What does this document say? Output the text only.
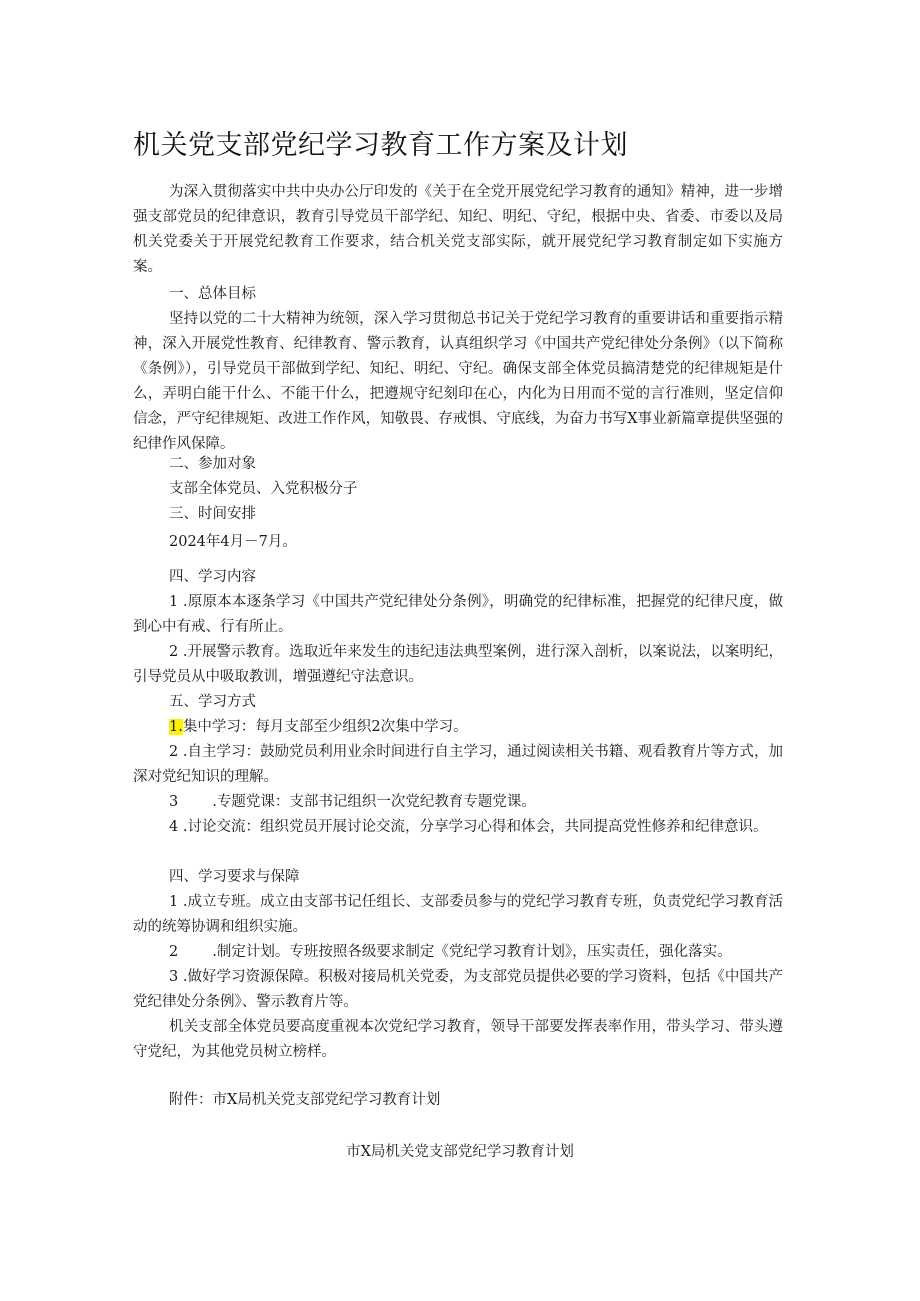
机关党支部党纪学习教育工作方案及计划
为深入贯彻落实中共中央办公厅印发的《关于在全党开展党纪学习教育的通知》精神，进一步增强支部党员的纪律意识，教育引导党员干部学纪、知纪、明纪、守纪，根据中央、省委、市委以及局机关党委关于开展党纪教育工作要求，结合机关党支部实际，就开展党纪学习教育制定如下实施方案。
一、总体目标
坚持以党的二十大精神为统领，深入学习贯彻总书记关于党纪学习教育的重要讲话和重要指示精神，深入开展党性教育、纪律教育、警示教育，认真组织学习《中国共产党纪律处分条例》（以下简称《条例》），引导党员干部做到学纪、知纪、明纪、守纪。确保支部全体党员搞清楚党的纪律规矩是什么，弄明白能干什么、不能干什么，把遵规守纪刻印在心，内化为日用而不觉的言行准则，坚定信仰信念，严守纪律规矩、改进工作作风，知敬畏、存戒惧、守底线，为奋力书写X事业新篇章提供坚强的纪律作风保障。
二、参加对象
支部全体党员、入党积极分子
三、时间安排
2024年4月－7月。
四、学习内容
1 .原原本本逐条学习《中国共产党纪律处分条例》，明确党的纪律标准，把握党的纪律尺度，做到心中有戒、行有所止。
2 .开展警示教育。选取近年来发生的违纪违法典型案例，进行深入剖析，以案说法，以案明纪，引导党员从中吸取教训，增强遵纪守法意识。
五、学习方式
1.集中学习：每月支部至少组织2次集中学习。
2 .自主学习：鼓励党员利用业余时间进行自主学习，通过阅读相关书籍、观看教育片等方式，加深对党纪知识的理解。
3 .专题党课：支部书记组织一次党纪教育专题党课。
4 .讨论交流：组织党员开展讨论交流，分享学习心得和体会，共同提高党性修养和纪律意识。
四、学习要求与保障
1 .成立专班。成立由支部书记任组长、支部委员参与的党纪学习教育专班，负责党纪学习教育活动的统筹协调和组织实施。
2 .制定计划。专班按照各级要求制定《党纪学习教育计划》，压实责任，强化落实。
3 .做好学习资源保障。积极对接局机关党委，为支部党员提供必要的学习资料，包括《中国共产党纪律处分条例》、警示教育片等。
机关支部全体党员要高度重视本次党纪学习教育，领导干部要发挥表率作用，带头学习、带头遵守党纪，为其他党员树立榜样。
附件：市X局机关党支部党纪学习教育计划
市X局机关党支部党纪学习教育计划
